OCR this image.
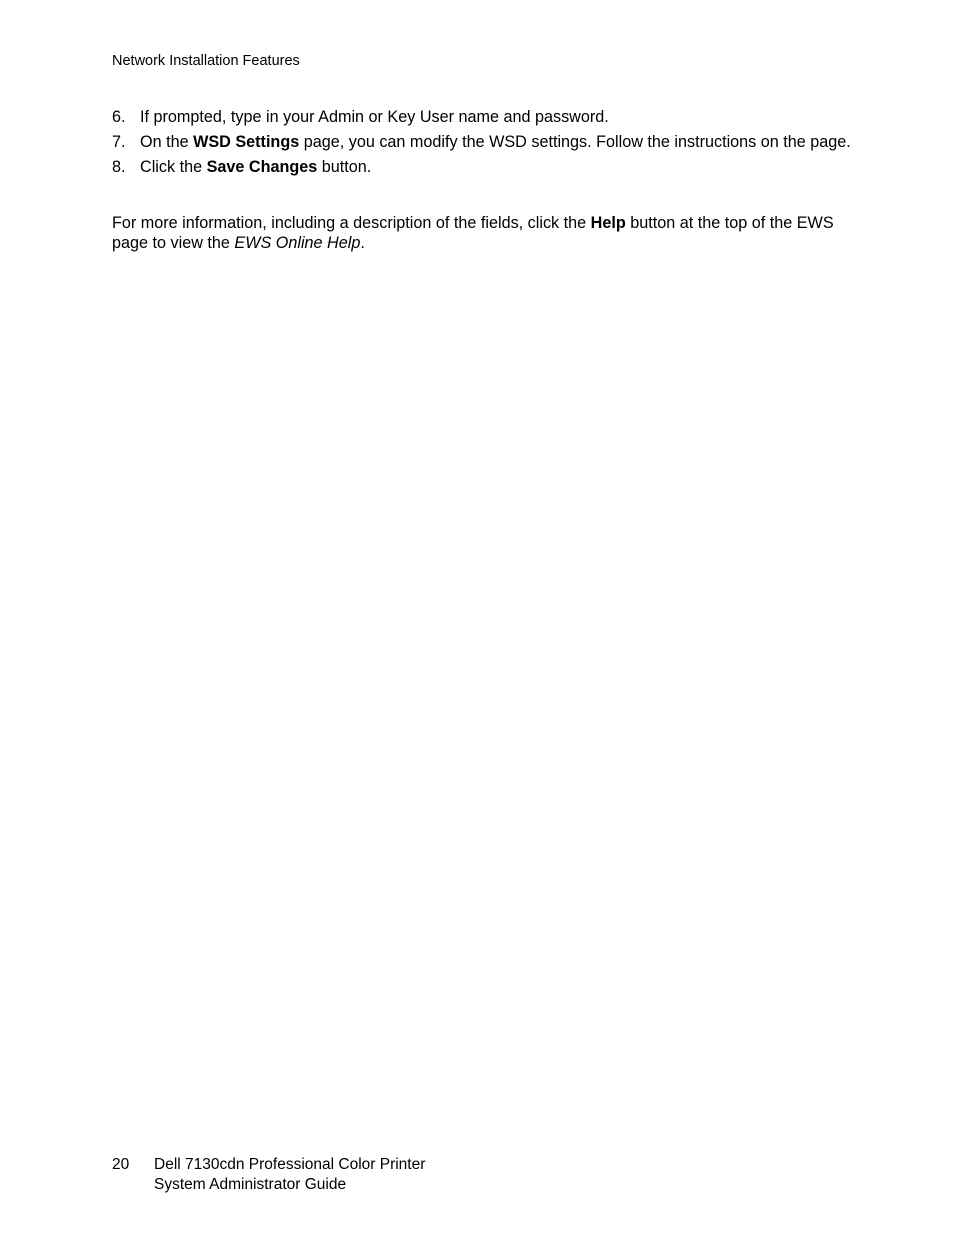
Network Installation Features
6. If prompted, type in your Admin or Key User name and password.
7. On the WSD Settings page, you can modify the WSD settings. Follow the instructions on the page.
8. Click the Save Changes button.

For more information, including a description of the fields, click the Help button at the top of the EWS page to view the EWS Online Help.

20 Dell 7130cdn Professional Color Printer
System Administrator Guide
